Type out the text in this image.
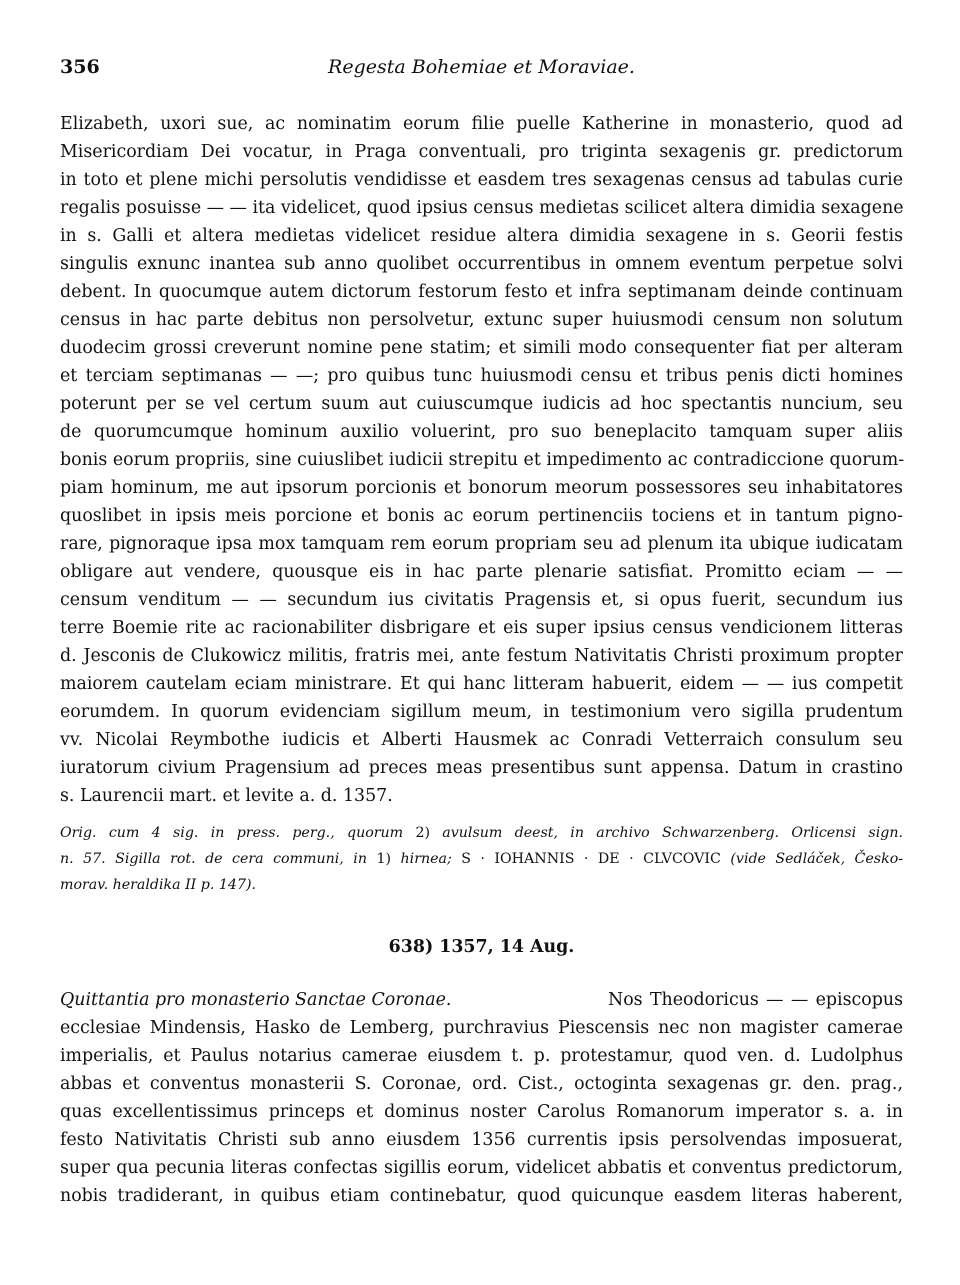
356	Regesta Bohemiae et Moraviae.
Elizabeth, uxori sue, ac nominatim eorum filie puelle Katherine in monasterio, quod ad
Misericordiam Dei vocatur, in Praga conventuali, pro triginta sexagenis gr. predictorum
in toto et plene michi persolutis vendidisse et easdem tres sexagenas census ad tabulas curie
regalis posuisse — — ita videlicet, quod ipsius census medietas scilicet altera dimidia sexagene
in s. Galli et altera medietas videlicet residue altera dimidia sexagene in s. Georii festis
singulis exnunc inantea sub anno quolibet occurrentibus in omnem eventum perpetue solvi
debent. In quocumque autem dictorum festorum festo et infra septimanam deinde continuam
census in hac parte debitus non persolvetur, extunc super huiusmodi censum non solutum
duodecim grossi creverunt nomine pene statim; et simili modo consequenter fiat per alteram
et terciam septimanas — —; pro quibus tunc huiusmodi censu et tribus penis dicti homines
poterunt per se vel certum suum aut cuiuscumque iudicis ad hoc spectantis nuncium, seu
de quorumcumque hominum auxilio voluerint, pro suo beneplacito tamquam super aliis
bonis eorum propriis, sine cuiuslibet iudicii strepitu et impedimento ac contradiccione quorum-
piam hominum, me aut ipsorum porcionis et bonorum meorum possessores seu inhabitatores
quoslibet in ipsis meis porcione et bonis ac eorum pertinenciis tociens et in tantum pigno-
rare, pignoraque ipsa mox tamquam rem eorum propriam seu ad plenum ita ubique iudicatam
obligare aut vendere, quousque eis in hac parte plenarie satisfiat. Promitto eciam — —
censum venditum — — secundum ius civitatis Pragensis et, si opus fuerit, secundum ius
terre Boemie rite ac racionabiliter disbrigare et eis super ipsius census vendicionem litteras
d. Jesconis de Clukowicz militis, fratris mei, ante festum Nativitatis Christi proximum propter
maiorem cautelam eciam ministrare. Et qui hanc litteram habuerit, eidem — — ius competit
eorumdem. In quorum evidenciam sigillum meum, in testimonium vero sigilla prudentum
vv. Nicolai Reymbothe iudicis et Alberti Hausmek ac Conradi Vetterraich consulum seu
iuratorum civium Pragensium ad preces meas presentibus sunt appensa. Datum in crastino
s. Laurencii mart. et levite a. d. 1357.
Orig. cum 4 sig. in press. perg., quorum 2) avulsum deest, in archivo Schwarzenberg. Orlicensi sign.
n. 57. Sigilla rot. de cera communi, in 1) hirnea; S · IOHANNIS · DE · CLVCOVIC (vide Sedláček, Česko-
morav. heraldika II p. 147).
638) 1357, 14 Aug.
Quittantia pro monasterio Sanctae Coronae.	Nos Theodoricus — — episcopus
ecclesiae Mindensis, Hasko de Lemberg, purchravius Piescensis nec non magister camerae
imperialis, et Paulus notarius camerae eiusdem t. p. protestamur, quod ven. d. Ludolphus
abbas et conventus monasterii S. Coronae, ord. Cist., octoginta sexagenas gr. den. prag.,
quas excellentissimus princeps et dominus noster Carolus Romanorum imperator s. a. in
festo Nativitatis Christi sub anno eiusdem 1356 currentis ipsis persolvendas imposuerat,
super qua pecunia literas confectas sigillis eorum, videlicet abbatis et conventus predictorum,
nobis tradiderant, in quibus etiam continebatur, quod quicunque easdem literas haberent,
